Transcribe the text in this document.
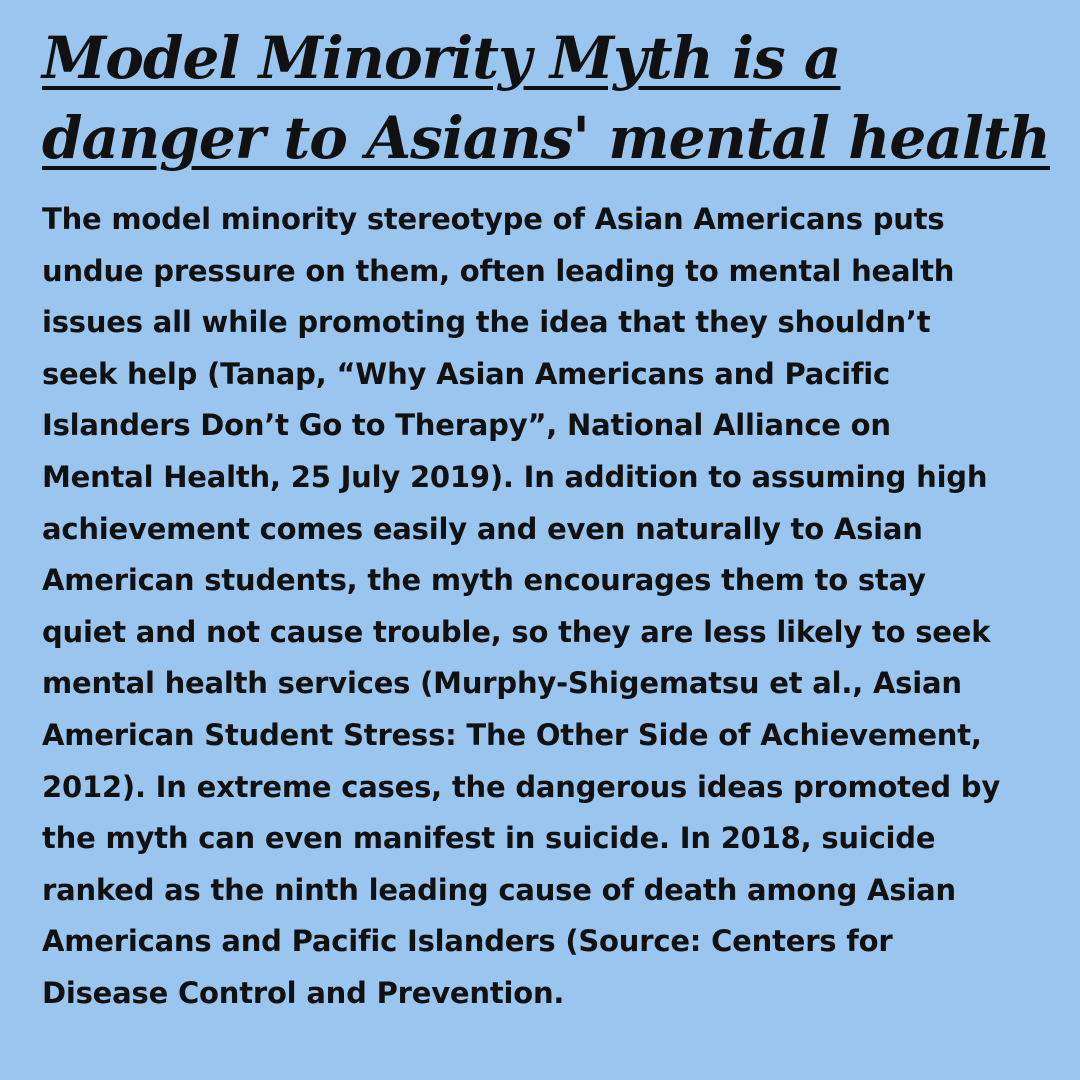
Model Minority Myth is a
danger to Asians' mental health
The model minority stereotype of Asian Americans puts
undue pressure on them, often leading to mental health
issues all while promoting the idea that they shouldn’t
seek help (Tanap, “Why Asian Americans and Pacific
Islanders Don’t Go to Therapy”, National Alliance on
Mental Health, 25 July 2019). In addition to assuming high
achievement comes easily and even naturally to Asian
American students, the myth encourages them to stay
quiet and not cause trouble, so they are less likely to seek
mental health services (Murphy-Shigematsu et al., Asian
American Student Stress: The Other Side of Achievement,
2012). In extreme cases, the dangerous ideas promoted by
the myth can even manifest in suicide. In 2018, suicide
ranked as the ninth leading cause of death among Asian
Americans and Pacific Islanders (Source: Centers for
Disease Control and Prevention.
